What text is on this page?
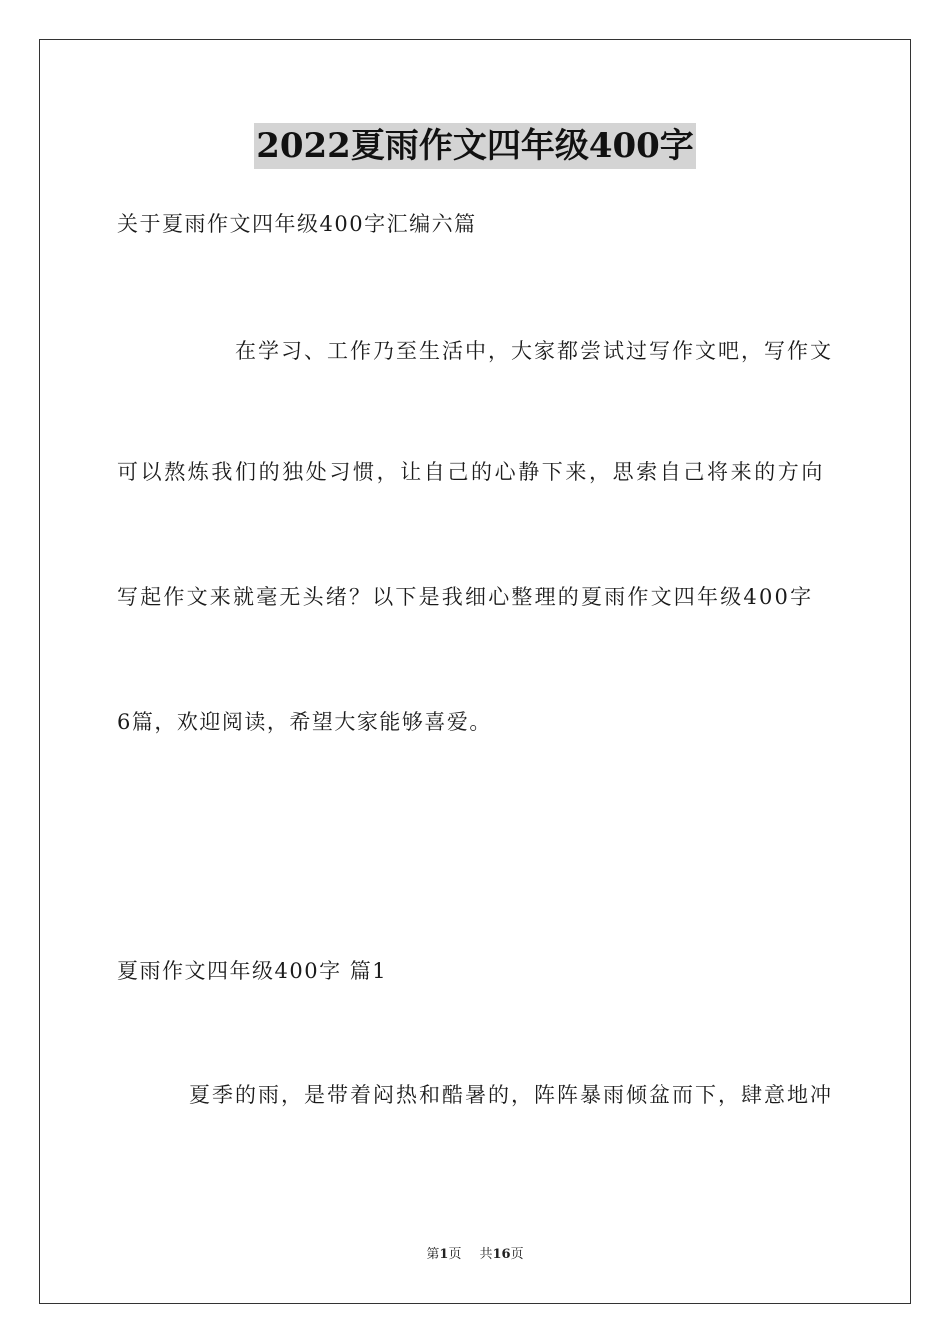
2022夏雨作文四年级400字
关于夏雨作文四年级400字汇编六篇
在学习、工作乃至生活中，大家都尝试过写作文吧，写作文
可以熬炼我们的独处习惯，让自己的心静下来，思索自己将来的方向
写起作文来就毫无头绪？以下是我细心整理的夏雨作文四年级400字
6篇，欢迎阅读，希望大家能够喜爱。
夏雨作文四年级400字 篇1
夏季的雨，是带着闷热和酷暑的，阵阵暴雨倾盆而下，肆意地冲
第1页 共16页
